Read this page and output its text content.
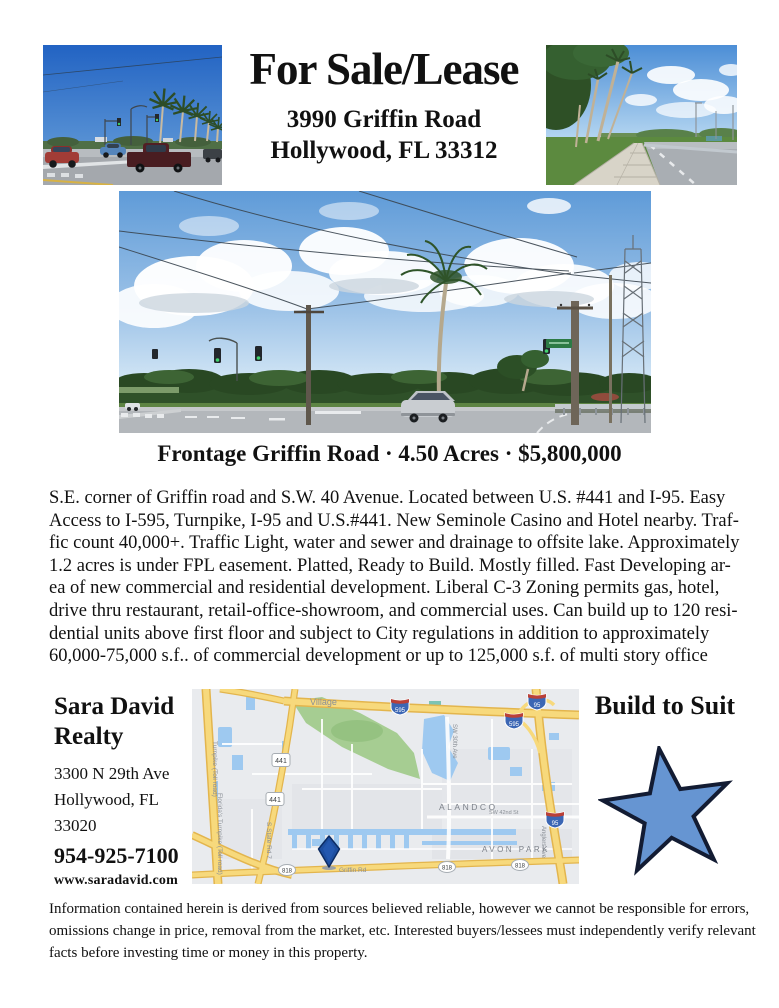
For Sale/Lease
3990 Griffin Road
Hollywood, FL 33312
Frontage Griffin Road · 4.50 Acres · $5,800,000
S.E. corner of Griffin road and S.W. 40 Avenue. Located between U.S. #441 and I-95. Easy
Access to I-595, Turnpike, I-95 and U.S.#441. New Seminole Casino and Hotel nearby. Traf-
fic count 40,000+. Traffic Light, water and sewer and drainage to offsite lake. Approximately
1.2 acres is under FPL easement. Platted, Ready to Build. Mostly filled. Fast Developing ar-
ea of new commercial and residential development. Liberal C-3 Zoning permits gas, hotel,
drive thru restaurant, retail-office-showroom, and commercial uses. Can build up to 120 resi-
dential units above first floor and subject to City regulations in addition to approximately
60,000-75,000 s.f.. of commercial development or up to 125,000 s.f. of multi story office
Sara David
Realty
3300 N 29th Ave
Hollywood, FL
33020
954-925-7100
www.saradavid.com
441
441
595
595
95
95
818	818	818
Village
Turnpike (Toll road)
Florida's Turnpike (Toll road)	S State Rd 7
SW 30th Ave
ALANDCO
SW 42nd St
AVON PARK
Anglers Ave
Griffin Rd
Build to Suit
Information contained herein is derived from sources believed reliable, however we cannot be responsible for errors,
omissions change in price, removal from the market, etc. Interested buyers/lessees must independently verify relevant
facts before investing time or money in this property.
